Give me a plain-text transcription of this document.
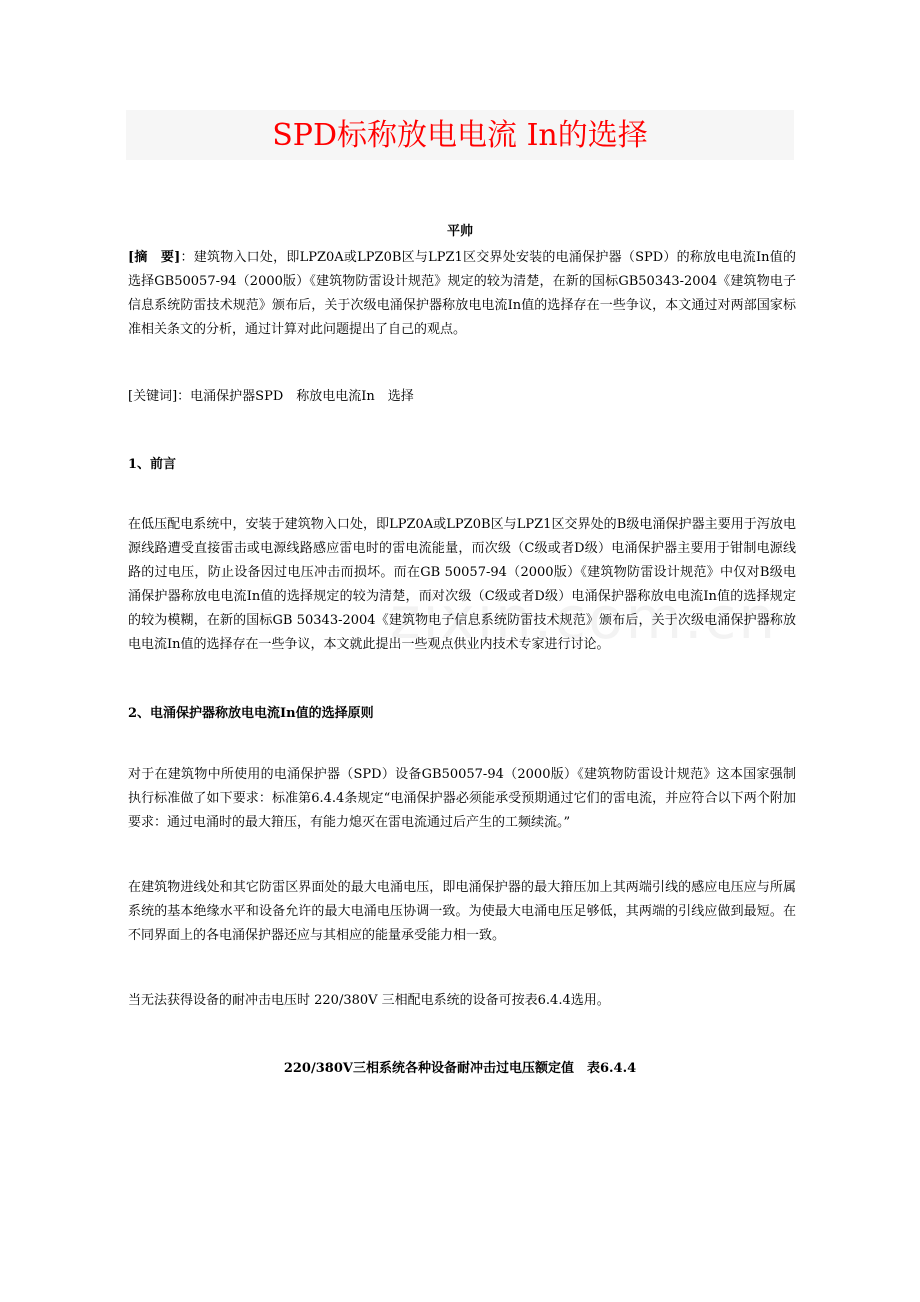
SPD标称放电电流 In的选择
平帅

[摘　要]：建筑物入口处，即LPZ0A或LPZ0B区与LPZ1区交界处安装的电涌保护器（SPD）的称放电电流In值的选择GB50057-94（2000版）《建筑物防雷设计规范》规定的较为清楚，在新的国标GB50343-2004《建筑物电子信息系统防雷技术规范》颁布后，关于次级电涌保护器称放电电流In值的选择存在一些争议，本文通过对两部国家标准相关条文的分析，通过计算对此问题提出了自己的观点。

[关键词]：电涌保护器SPD　称放电电流In　选择

1、前言

在低压配电系统中，安装于建筑物入口处，即LPZ0A或LPZ0B区与LPZ1区交界处的B级电涌保护器主要用于泻放电源线路遭受直接雷击或电源线路感应雷电时的雷电流能量，而次级（C级或者D级）电涌保护器主要用于钳制电源线路的过电压，防止设备因过电压冲击而损坏。而在GB 50057-94（2000版）《建筑物防雷设计规范》中仅对B级电涌保护器称放电电流In值的选择规定的较为清楚，而对次级（C级或者D级）电涌保护器称放电电流In值的选择规定的较为模糊，在新的国标GB 50343-2004《建筑物电子信息系统防雷技术规范》颁布后，关于次级电涌保护器称放电电流In值的选择存在一些争议，本文就此提出一些观点供业内技术专家进行讨论。

2、电涌保护器称放电电流In值的选择原则

对于在建筑物中所使用的电涌保护器（SPD）设备GB50057-94（2000版）《建筑物防雷设计规范》这本国家强制执行标准做了如下要求：标准第6.4.4条规定“电涌保护器必须能承受预期通过它们的雷电流，并应符合以下两个附加要求：通过电涌时的最大箝压，有能力熄灭在雷电流通过后产生的工频续流。”

在建筑物进线处和其它防雷区界面处的最大电涌电压，即电涌保护器的最大箝压加上其两端引线的感应电压应与所属系统的基本绝缘水平和设备允许的最大电涌电压协调一致。为使最大电涌电压足够低，其两端的引线应做到最短。在不同界面上的各电涌保护器还应与其相应的能量承受能力相一致。

当无法获得设备的耐冲击电压时 220/380V 三相配电系统的设备可按表6.4.4选用。

220/380V三相系统各种设备耐冲击过电压额定值　表6.4.4
